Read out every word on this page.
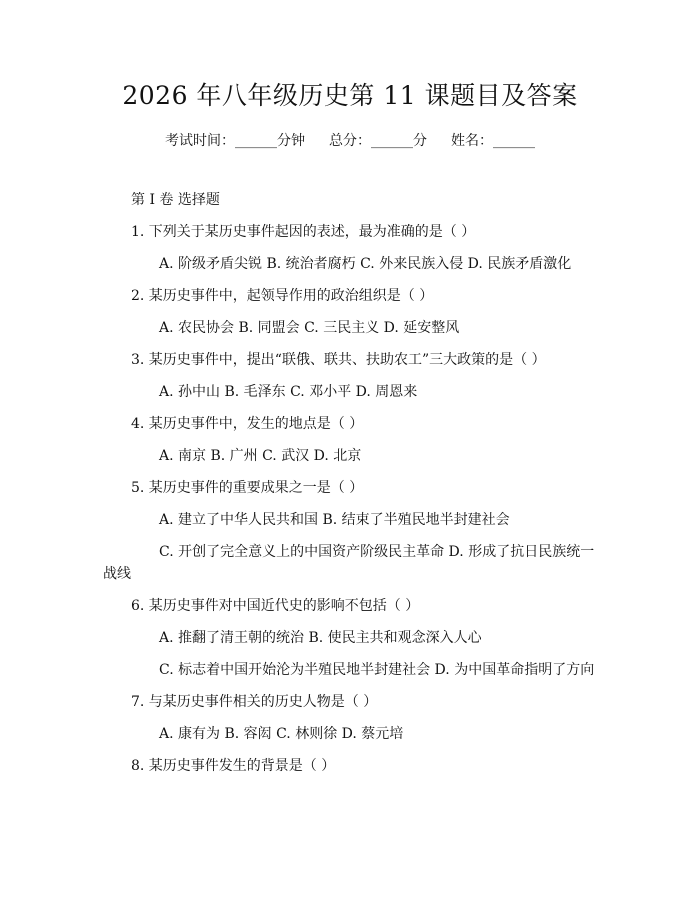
2026 年八年级历史第 11 课题目及答案
考试时间：______分钟 总分：______分 姓名：______
第 I 卷 选择题
1. 下列关于某历史事件起因的表述，最为准确的是（ ）
A. 阶级矛盾尖锐 B. 统治者腐朽 C. 外来民族入侵 D. 民族矛盾激化
2. 某历史事件中，起领导作用的政治组织是（ ）
A. 农民协会 B. 同盟会 C. 三民主义 D. 延安整风
3. 某历史事件中，提出“联俄、联共、扶助农工”三大政策的是（ ）
A. 孙中山 B. 毛泽东 C. 邓小平 D. 周恩来
4. 某历史事件中，发生的地点是（ ）
A. 南京 B. 广州 C. 武汉 D. 北京
5. 某历史事件的重要成果之一是（ ）
A. 建立了中华人民共和国 B. 结束了半殖民地半封建社会
C. 开创了完全意义上的中国资产阶级民主革命 D. 形成了抗日民族统一
战线
6. 某历史事件对中国近代史的影响不包括（ ）
A. 推翻了清王朝的统治 B. 使民主共和观念深入人心
C. 标志着中国开始沦为半殖民地半封建社会 D. 为中国革命指明了方向
7. 与某历史事件相关的历史人物是（ ）
A. 康有为 B. 容闳 C. 林则徐 D. 蔡元培
8. 某历史事件发生的背景是（ ）
